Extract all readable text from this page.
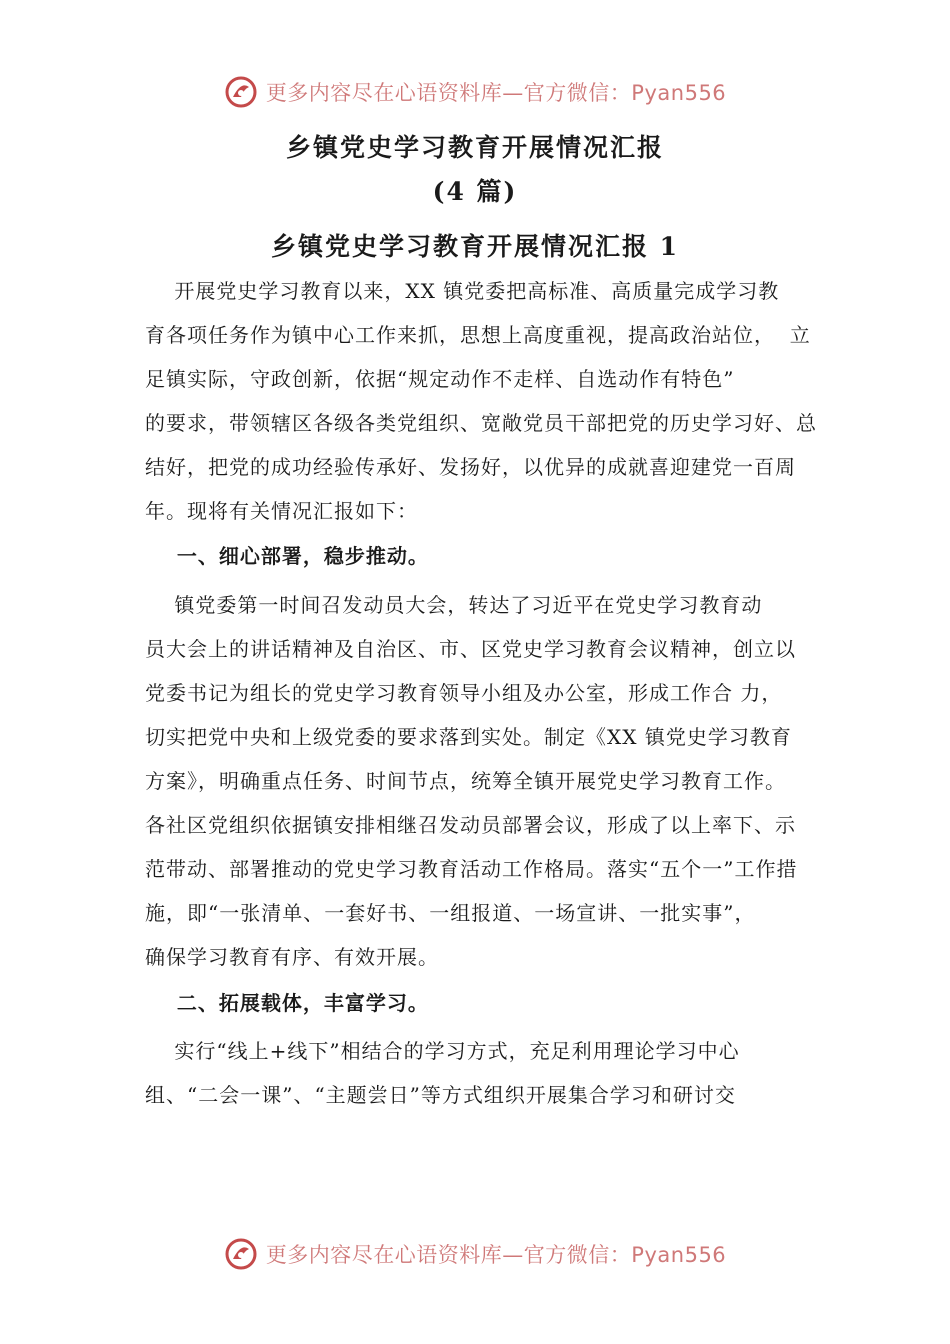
更多内容尽在心语资料库—官方微信：Pyan556
乡镇党史学习教育开展情况汇报
(4 篇)
乡镇党史学习教育开展情况汇报 1
开展党史学习教育以来，XX 镇党委把高标准、高质量完成学习教
育各项任务作为镇中心工作来抓，思想上高度重视，提高政治站位，  立
足镇实际，守政创新，依据“规定动作不走样、自选动作有特色”
的要求，带领辖区各级各类党组织、宽敞党员干部把党的历史学习好、总
结好，把党的成功经验传承好、发扬好，以优异的成就喜迎建党一百周
年。现将有关情况汇报如下：
一、细心部署，稳步推动。
镇党委第一时间召发动员大会，转达了习近平在党史学习教育动
员大会上的讲话精神及自治区、市、区党史学习教育会议精神，创立以
党委书记为组长的党史学习教育领导小组及办公室，形成工作合 力，
切实把党中央和上级党委的要求落到实处。制定《XX 镇党史学习教育
方案》，明确重点任务、时间节点，统筹全镇开展党史学习教育工作。
各社区党组织依据镇安排相继召发动员部署会议，形成了以上率下、示
范带动、部署推动的党史学习教育活动工作格局。落实“五个一”工作措
施，即“一张清单、一套好书、一组报道、一场宣讲、一批实事”，
确保学习教育有序、有效开展。
二、拓展载体，丰富学习。
实行“线上+线下”相结合的学习方式，充足利用理论学习中心
组、“二会一课”、“主题尝日”等方式组织开展集合学习和研讨交
更多内容尽在心语资料库—官方微信：Pyan556
